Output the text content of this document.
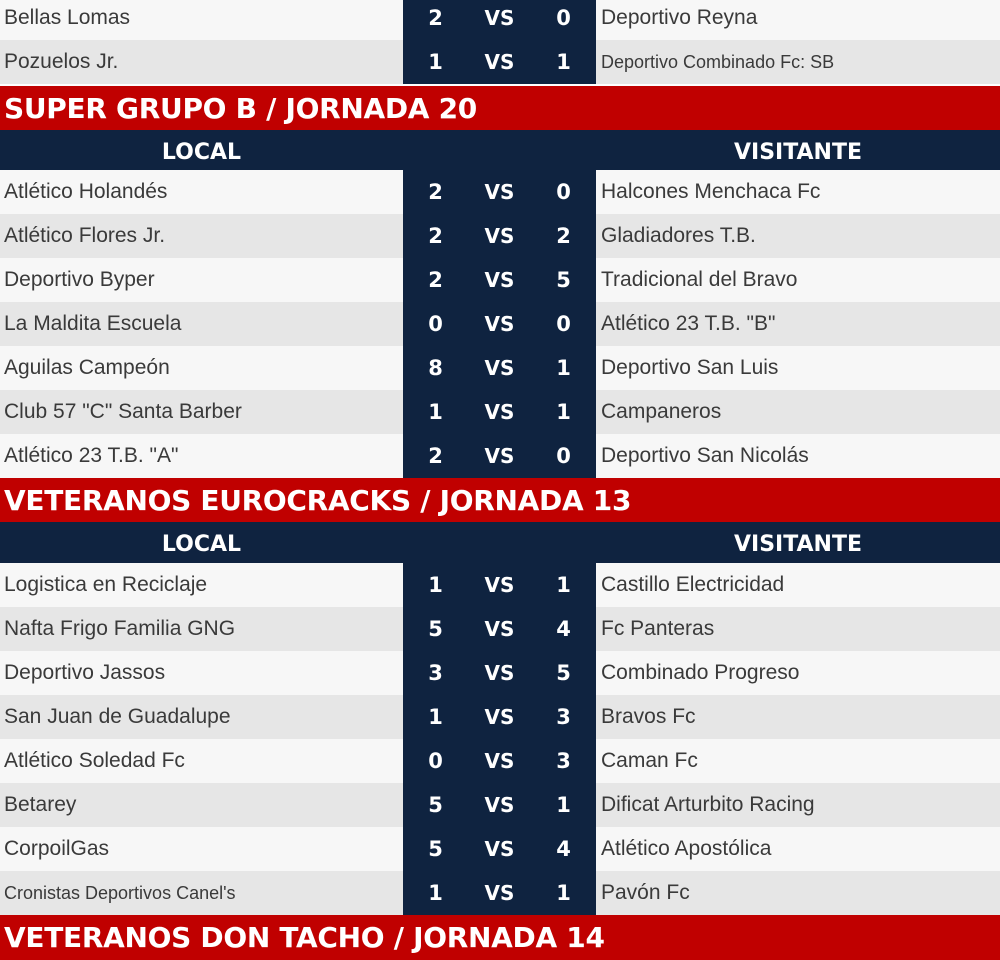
Bellas Lomas	2	VS	0	Deportivo Reyna
Pozuelos Jr.	1	VS	1	Deportivo Combinado Fc: SB
SUPER GRUPO B / JORNADA 20
LOCAL	VISITANTE
Atlético Holandés	2	VS	0	Halcones Menchaca Fc
Atlético Flores Jr.	2	VS	2	Gladiadores T.B.
Deportivo Byper	2	VS	5	Tradicional del Bravo
La Maldita Escuela	0	VS	0	Atlético 23 T.B. "B"
Aguilas Campeón	8	VS	1	Deportivo San Luis
Club 57 "C" Santa Barber	1	VS	1	Campaneros
Atlético 23 T.B. "A"	2	VS	0	Deportivo San Nicolás
VETERANOS EUROCRACKS / JORNADA 13
LOCAL	VISITANTE
Logistica en Reciclaje	1	VS	1	Castillo Electricidad
Nafta Frigo Familia GNG	5	VS	4	Fc Panteras
Deportivo Jassos	3	VS	5	Combinado Progreso
San Juan de Guadalupe	1	VS	3	Bravos Fc
Atlético Soledad Fc	0	VS	3	Caman Fc
Betarey	5	VS	1	Dificat Arturbito Racing
CorpoilGas	5	VS	4	Atlético Apostólica
Cronistas Deportivos Canel's	1	VS	1	Pavón Fc
VETERANOS DON TACHO / JORNADA 14
